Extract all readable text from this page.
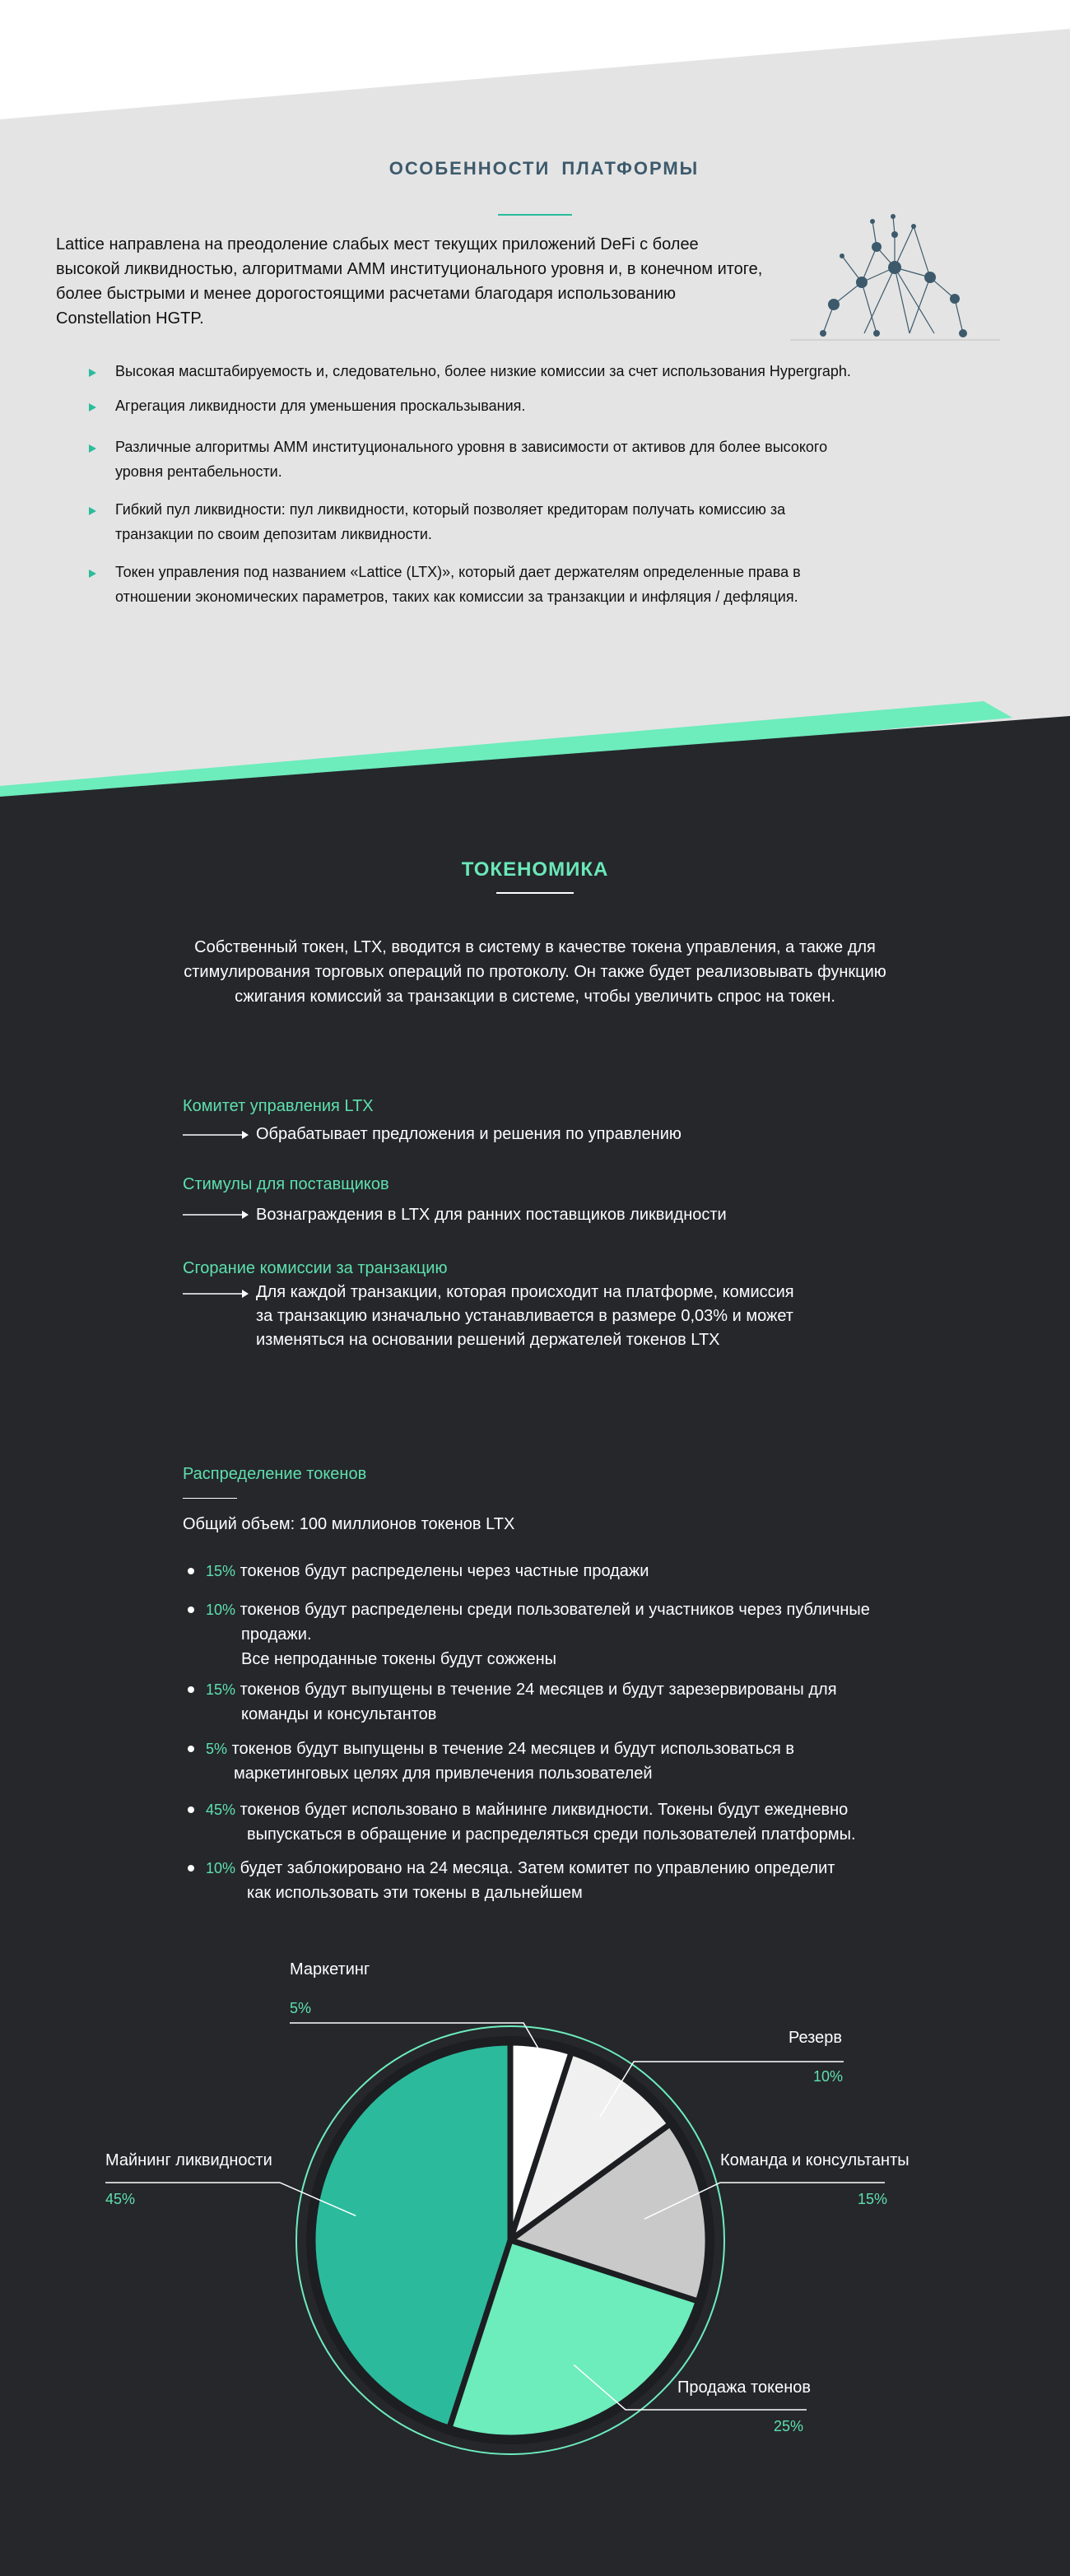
ОСОБЕННОСТИ ПЛАТФОРМЫ
Lattice направлена на преодоление слабых мест текущих приложений DeFi с более
высокой ликвидностью, алгоритмами AMM институционального уровня и, в конечном итоге,
более быстрыми и менее дорогостоящими расчетами благодаря использованию
Constellation HGTP.
Высокая масштабируемость и, следовательно, более низкие комиссии за счет использования Hypergraph.
Агрегация ликвидности для уменьшения проскальзывания.
Различные алгоритмы AMM институционального уровня в зависимости от активов для более высокого
уровня рентабельности.
Гибкий пул ликвидности: пул ликвидности, который позволяет кредиторам получать комиссию за
транзакции по своим депозитам ликвидности.
Токен управления под названием «Lattice (LTX)», который дает держателям определенные права в
отношении экономических параметров, таких как комиссии за транзакции и инфляция / дефляция.
ТОКЕНОМИКА
Собственный токен, LTX, вводится в систему в качестве токена управления, а также для
стимулирования торговых операций по протоколу. Он также будет реализовывать функцию
сжигания комиссий за транзакции в системе, чтобы увеличить спрос на токен.
Комитет управления LTX
Обрабатывает предложения и решения по управлению
Стимулы для поставщиков
Вознаграждения в LTX для ранних поставщиков ликвидности
Сгорание комиссии за транзакцию
Для каждой транзакции, которая происходит на платформе, комиссия
за транзакцию изначально устанавливается в размере 0,03% и может
изменяться на основании решений держателей токенов LTX
Распределение токенов
Общий объем: 100 миллионов токенов LTX
15% токенов будут распределены через частные продажи
10% токенов будут распределены среди пользователей и участников через публичные
продажи.
Все непроданные токены будут сожжены
15% токенов будут выпущены в течение 24 месяцев и будут зарезервированы для
команды и консультантов
5% токенов будут выпущены в течение 24 месяцев и будут использоваться в
маркетинговых целях для привлечения пользователей
45% токенов будет использовано в майнинге ликвидности. Токены будут ежедневно
выпускаться в обращение и распределяться среди пользователей платформы.
10% будет заблокировано на 24 месяца. Затем комитет по управлению определит
как использовать эти токены в дальнейшем
Маркетинг
5%
Резерв
10%
Команда и консультанты
15%
Продажа токенов
25%
Майнинг ликвидности
45%
